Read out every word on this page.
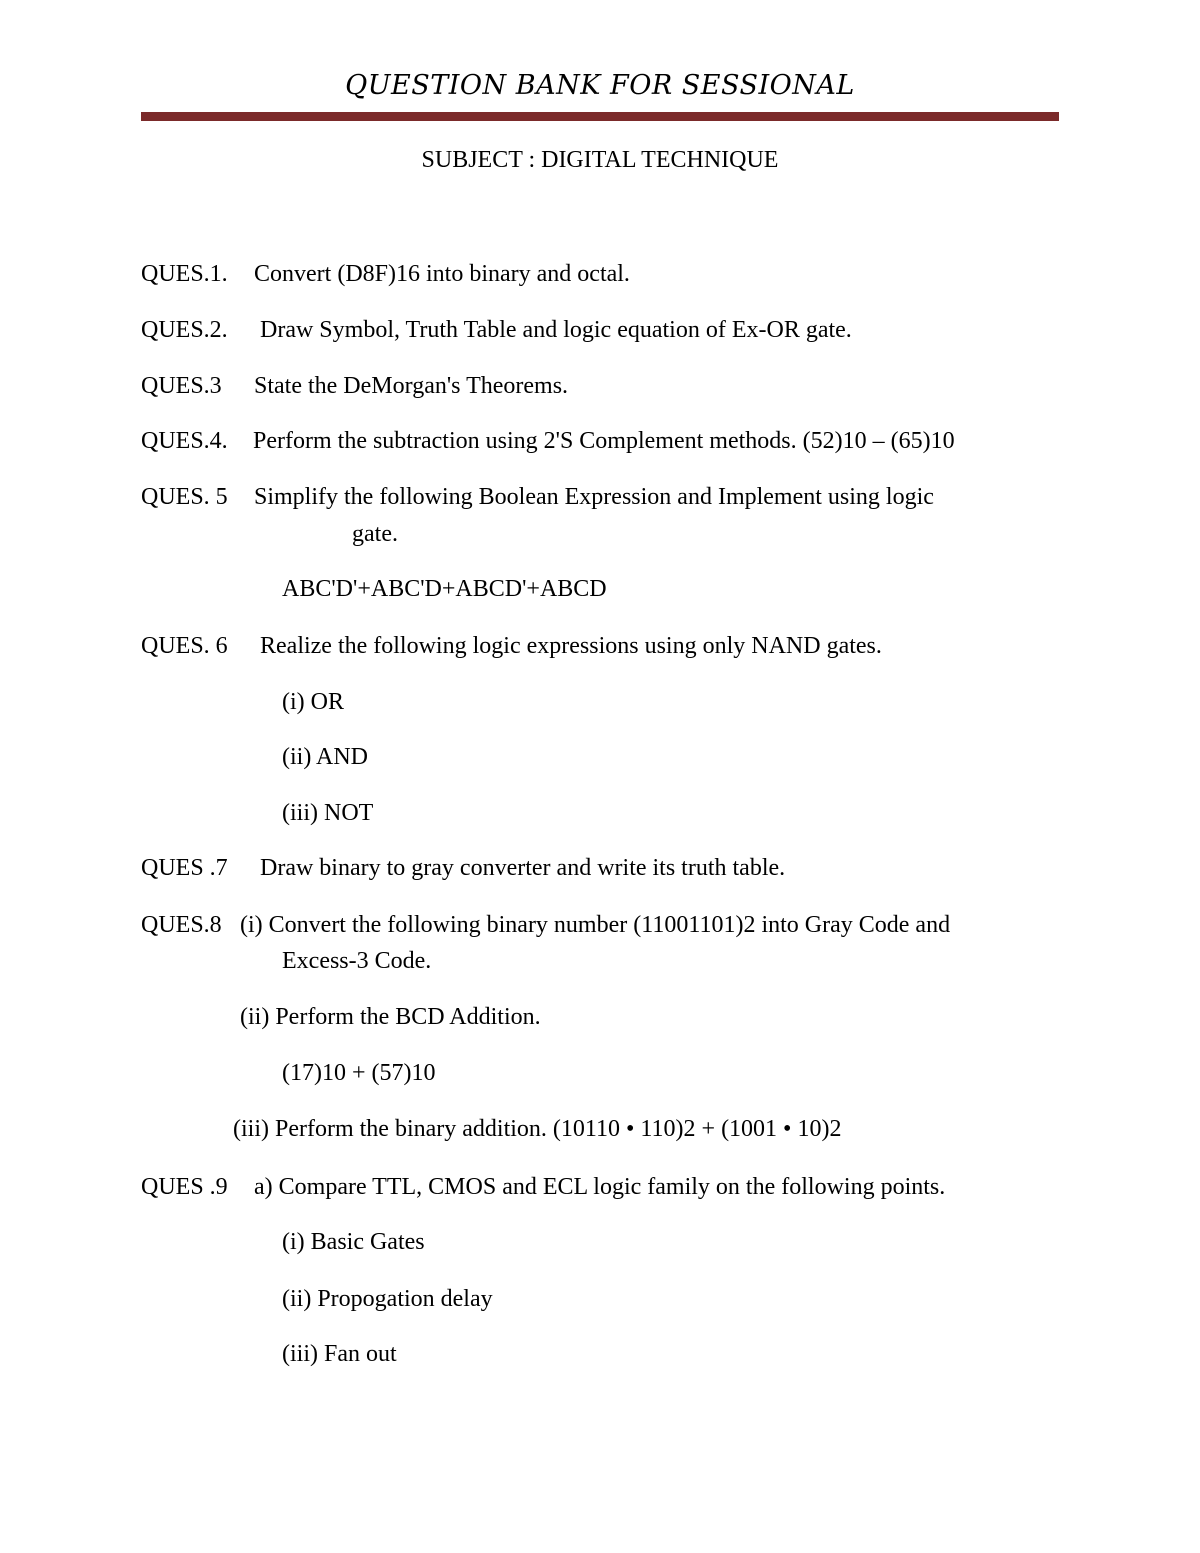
QUESTION BANK FOR SESSIONAL
SUBJECT : DIGITAL TECHNIQUE
QUES.1. Convert (D8F)16 into binary and octal.
QUES.2. Draw Symbol, Truth Table and logic equation of Ex-OR gate.
QUES.3 State the DeMorgan's Theorems.
QUES.4. Perform the subtraction using 2'S Complement methods. (52)10 – (65)10
QUES. 5 Simplify the following Boolean Expression and Implement using logic
gate.
ABC'D'+ABC'D+ABCD'+ABCD
QUES. 6 Realize the following logic expressions using only NAND gates.
(i) OR
(ii) AND
(iii) NOT
QUES .7 Draw binary to gray converter and write its truth table.
QUES.8 (i) Convert the following binary number (11001101)2 into Gray Code and
Excess-3 Code.
(ii) Perform the BCD Addition.
(17)10 + (57)10
(iii) Perform the binary addition. (10110 • 110)2 + (1001 • 10)2
QUES .9 a) Compare TTL, CMOS and ECL logic family on the following points.
(i) Basic Gates
(ii) Propogation delay
(iii) Fan out
